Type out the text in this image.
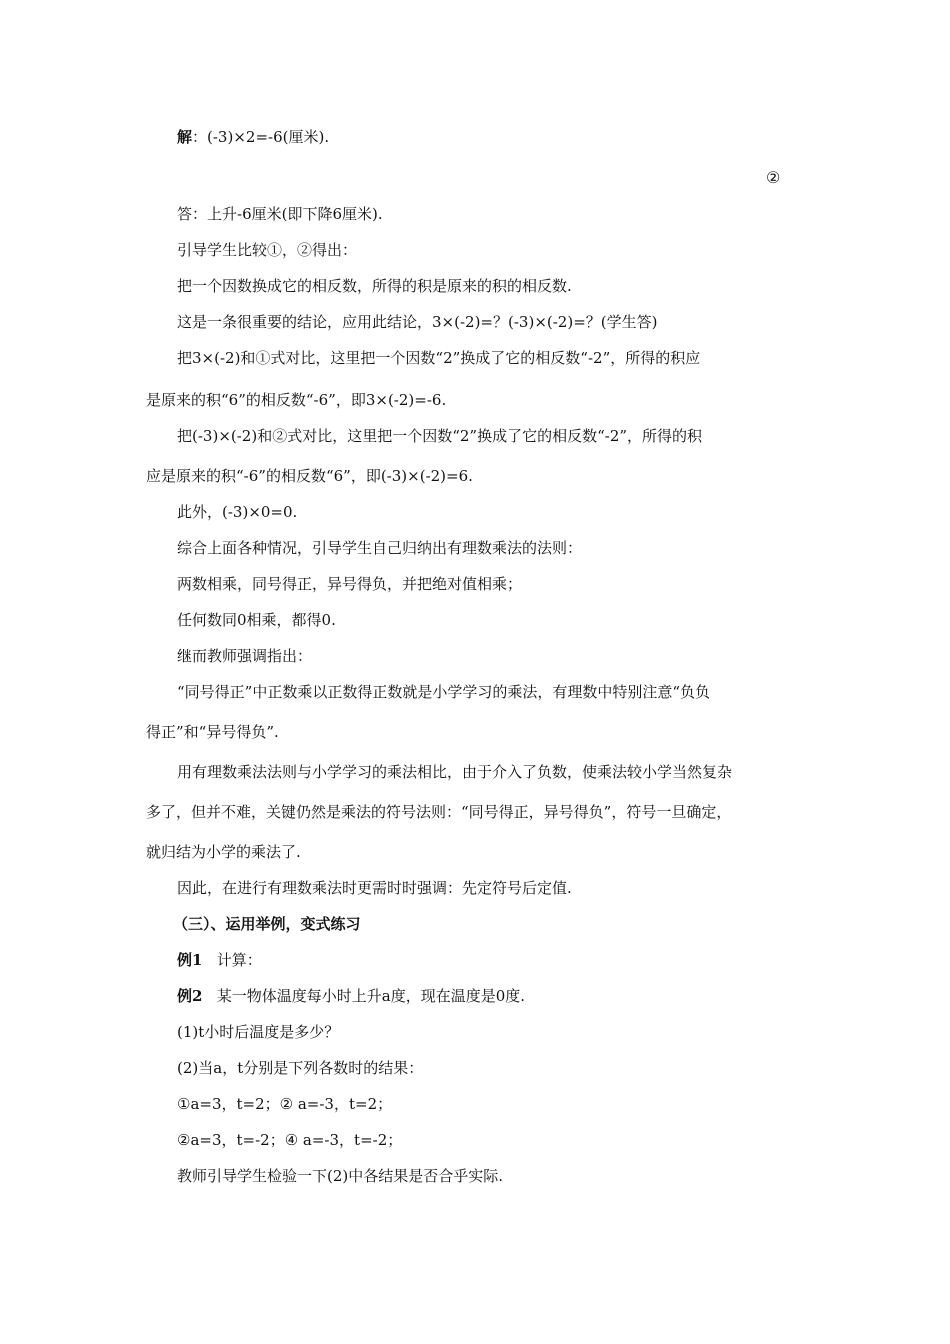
解：(-3)×2=-6(厘米).
②
答：上升-6厘米(即下降6厘米).
引导学生比较①，②得出：
把一个因数换成它的相反数，所得的积是原来的积的相反数.
这是一条很重要的结论，应用此结论，3×(-2)=？(-3)×(-2)=？(学生答)
把3×(-2)和①式对比，这里把一个因数“2”换成了它的相反数“-2”，所得的积应
是原来的积“6”的相反数“-6”，即3×(-2)=-6.
把(-3)×(-2)和②式对比，这里把一个因数“2”换成了它的相反数“-2”，所得的积
应是原来的积“-6”的相反数“6”，即(-3)×(-2)=6.
此外，(-3)×0=0.
综合上面各种情况，引导学生自己归纳出有理数乘法的法则：
两数相乘，同号得正，异号得负，并把绝对值相乘；
任何数同0相乘，都得0.
继而教师强调指出：
“同号得正”中正数乘以正数得正数就是小学学习的乘法，有理数中特别注意“负负
得正”和“异号得负”.
用有理数乘法法则与小学学习的乘法相比，由于介入了负数，使乘法较小学当然复杂
多了，但并不难，关键仍然是乘法的符号法则：“同号得正，异号得负”，符号一旦确定，
就归结为小学的乘法了.
因此，在进行有理数乘法时更需时时强调：先定符号后定值.
（三）、运用举例，变式练习
例1 计算：
例2 某一物体温度每小时上升a度，现在温度是0度.
(1)t小时后温度是多少？
(2)当a，t分别是下列各数时的结果：
①a=3，t=2；② a=-3，t=2；
②a=3，t=-2；④ a=-3，t=-2；
教师引导学生检验一下(2)中各结果是否合乎实际.
